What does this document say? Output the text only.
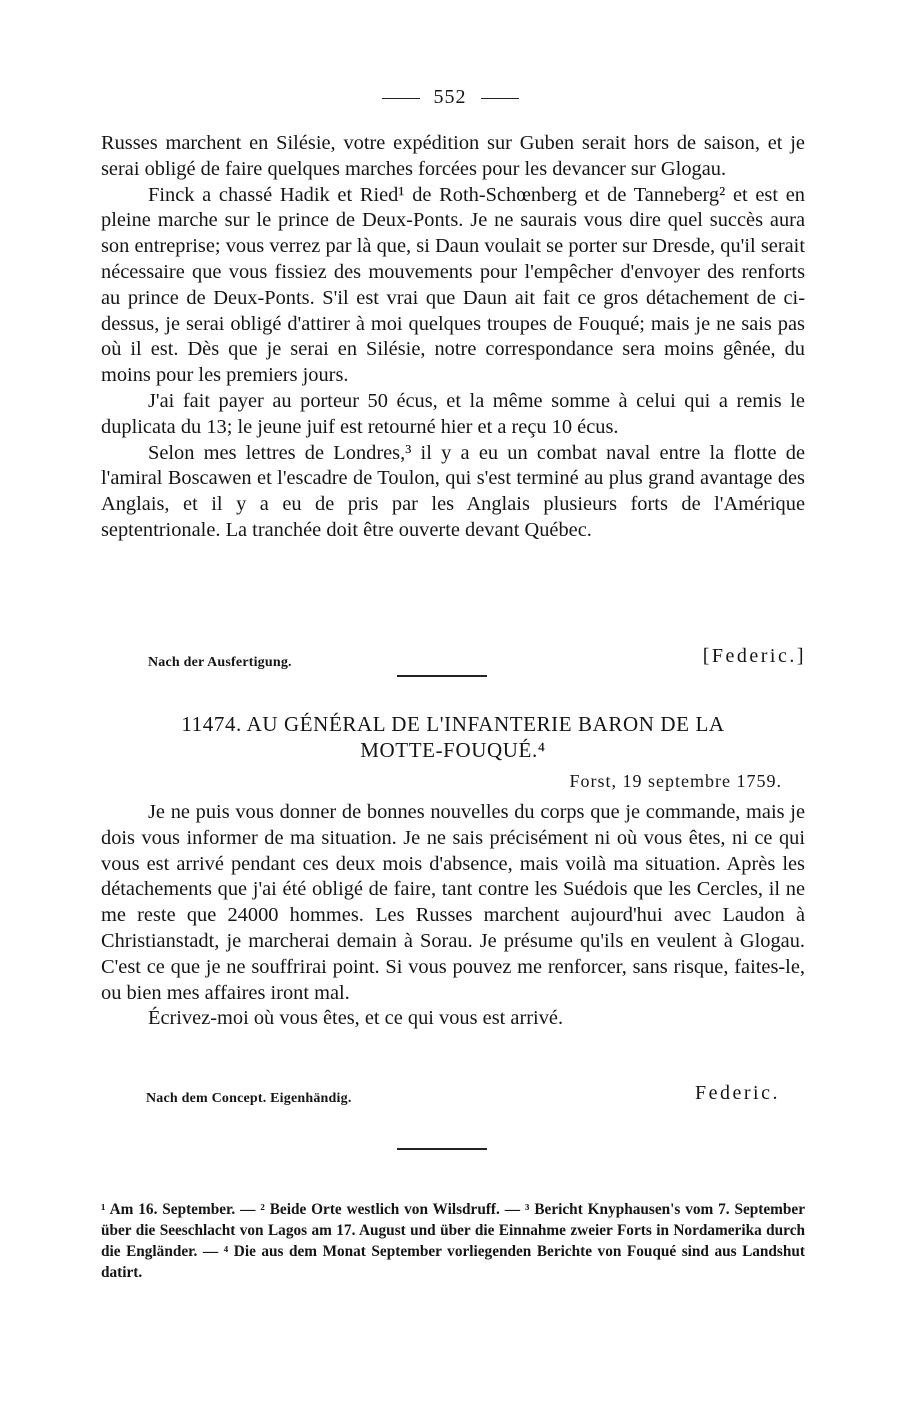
552

Russes marchent en Silésie, votre expédition sur Guben serait hors de saison, et je serai obligé de faire quelques marches forcées pour les devancer sur Glogau.

Finck a chassé Hadik et Ried¹ de Roth-Schœnberg et de Tanneberg² et est en pleine marche sur le prince de Deux-Ponts. Je ne saurais vous dire quel succès aura son entreprise; vous verrez par là que, si Daun voulait se porter sur Dresde, qu'il serait nécessaire que vous fissiez des mouvements pour l'empêcher d'envoyer des renforts au prince de Deux-Ponts. S'il est vrai que Daun ait fait ce gros détachement de ci-dessus, je serai obligé d'attirer à moi quelques troupes de Fouqué; mais je ne sais pas où il est. Dès que je serai en Silésie, notre correspondance sera moins gênée, du moins pour les premiers jours.

J'ai fait payer au porteur 50 écus, et la même somme à celui qui a remis le duplicata du 13; le jeune juif est retourné hier et a reçu 10 écus.

Selon mes lettres de Londres,³ il y a eu un combat naval entre la flotte de l'amiral Boscawen et l'escadre de Toulon, qui s'est terminé au plus grand avantage des Anglais, et il y a eu de pris par les Anglais plusieurs forts de l'Amérique septentrionale. La tranchée doit être ouverte devant Québec.

Nach der Ausfertigung.	[Federic.]
11474. AU GÉNÉRAL DE L'INFANTERIE BARON DE LA
MOTTE-FOUQUÉ.⁴
Forst, 19 septembre 1759.

Je ne puis vous donner de bonnes nouvelles du corps que je commande, mais je dois vous informer de ma situation. Je ne sais précisément ni où vous êtes, ni ce qui vous est arrivé pendant ces deux mois d'absence, mais voilà ma situation. Après les détachements que j'ai été obligé de faire, tant contre les Suédois que les Cercles, il ne me reste que 24000 hommes. Les Russes marchent aujourd'hui avec Laudon à Christianstadt, je marcherai demain à Sorau. Je présume qu'ils en veulent à Glogau. C'est ce que je ne souffrirai point. Si vous pouvez me renforcer, sans risque, faites-le, ou bien mes affaires iront mal.

Écrivez-moi où vous êtes, et ce qui vous est arrivé.

Nach dem Concept. Eigenhändig.	Federic.
¹ Am 16. September. — ² Beide Orte westlich von Wilsdruff. — ³ Bericht Knyphausen's vom 7. September über die Seeschlacht von Lagos am 17. August und über die Einnahme zweier Forts in Nordamerika durch die Engländer. — ⁴ Die aus dem Monat September vorliegenden Berichte von Fouqué sind aus Landshut datirt.
